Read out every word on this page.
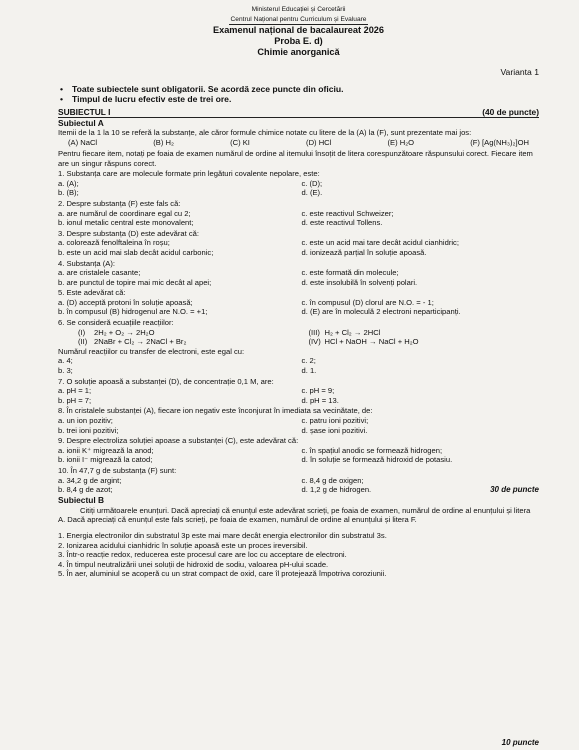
Ministerul Educației și Cercetării
Centrul Național pentru Curriculum și Evaluare
Examenul național de bacalaureat 2026
Proba E. d)
Chimie anorganică
Varianta 1
• Toate subiectele sunt obligatorii. Se acordă zece puncte din oficiu.
• Timpul de lucru efectiv este de trei ore.
SUBIECTUL I	(40 de puncte)
Subiectul A

Itemii de la 1 la 10 se referă la substanțe, ale căror formule chimice notate cu litere de la (A) la (F), sunt prezentate mai jos:

(A) NaCl	(B) H₂	(C) KI	(D) HCl	(E) H₂O	(F) [Ag(NH₃)₂]OH

Pentru fiecare item, notați pe foaia de examen numărul de ordine al itemului însoțit de litera corespunzătoare răspunsului corect. Fiecare item are un singur răspuns corect.

1. Substanța care are molecule formate prin legături covalente nepolare, este:
a. (A);	c. (D);
b. (B);	d. (E).
2. Despre substanța (F) este fals că:
a. are numărul de coordinare egal cu 2;	c. este reactivul Schweizer;
b. ionul metalic central este monovalent;	d. este reactivul Tollens.
3. Despre substanța (D) este adevărat că:
a. colorează fenolftaleina în roșu;	c. este un acid mai tare decât acidul cianhidric;
b. este un acid mai slab decât acidul carbonic;	d. ionizează parțial în soluție apoasă.
4. Substanța (A):
a. are cristalele casante;	c. este formată din molecule;
b. are punctul de topire mai mic decât al apei;	d. este insolubilă în solvenți polari.
5. Este adevărat că:
a. (D) acceptă protoni în soluție apoasă;	c. în compusul (D) clorul are N.O. = - 1;
b. în compusul (B) hidrogenul are N.O. = +1;	d. (E) are în moleculă 2 electroni neparticipanți.
6. Se consideră ecuațiile reacțiilor:
(I)	2H₂ + O₂ → 2H₂O	(III) H₂ + Cl₂ → 2HCl
(II) 2NaBr + Cl₂ → 2NaCl + Br₂	(IV) HCl + NaOH → NaCl + H₂O
Numărul reacțiilor cu transfer de electroni, este egal cu:
a. 4;	c. 2;
b. 3;	d. 1.
7. O soluție apoasă a substanței (D), de concentrație 0,1 M, are:
a. pH = 1;	c. pH = 9;
b. pH = 7;	d. pH = 13.
8. În cristalele substanței (A), fiecare ion negativ este înconjurat în imediata sa vecinătate, de:
a. un ion pozitiv;	c. patru ioni pozitivi;
b. trei ioni pozitivi;	d. șase ioni pozitivi.
9. Despre electroliza soluției apoase a substanței (C), este adevărat că:
a. ionii K⁺ migrează la anod;	c. în spațiul anodic se formează hidrogen;
b. ionii I⁻ migrează la catod;	d. în soluție se formează hidroxid de potasiu.
10. În 47,7 g de substanța (F) sunt:
a. 34,2 g de argint;	c. 8,4 g de oxigen;
b. 8,4 g de azot;	d. 1,2 g de hidrogen.	30 de puncte
Subiectul B

Citiți următoarele enunțuri. Dacă apreciați că enunțul este adevărat scrieți, pe foaia de examen, numărul de ordine al enunțului și litera A. Dacă apreciați că enunțul este fals scrieți, pe foaia de examen, numărul de ordine al enunțului și litera F.

1. Energia electronilor din substratul 3p este mai mare decât energia electronilor din substratul 3s.
2. Ionizarea acidului cianhidric în soluție apoasă este un proces ireversibil.
3. Într-o reacție redox, reducerea este procesul care are loc cu acceptare de electroni.
4. În timpul neutralizării unei soluții de hidroxid de sodiu, valoarea pH-ului scade.
5. În aer, aluminiul se acoperă cu un strat compact de oxid, care îl protejează împotriva coroziunii.
10 puncte
